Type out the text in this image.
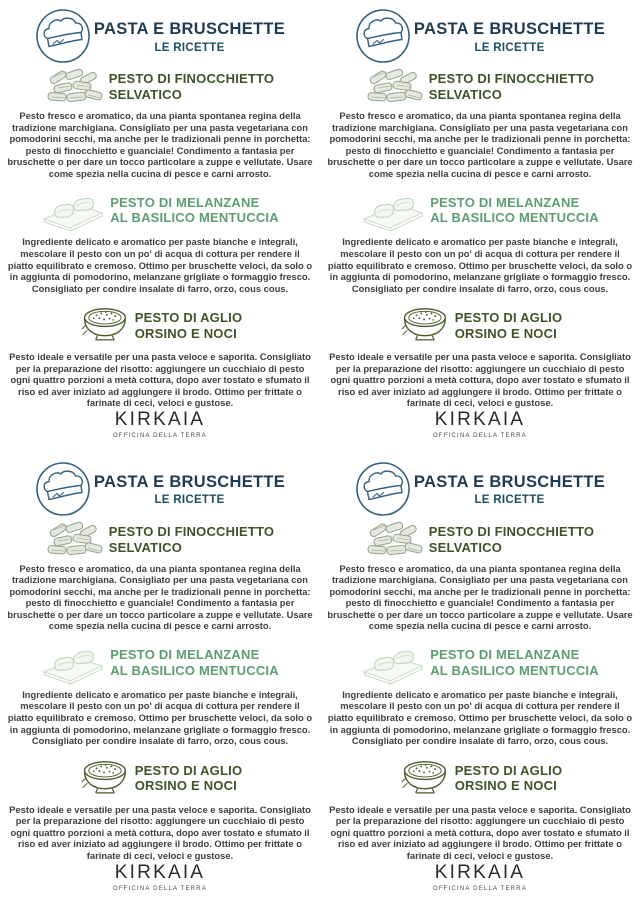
PASTA E BRUSCHETTE
LE RICETTE
PESTO DI FINOCCHIETTO
SELVATICO

Pesto fresco e aromatico, da una pianta spontanea regina della tradizione marchigiana. Consigliato per una pasta vegetariana con pomodorini secchi, ma anche per le tradizionali penne in porchetta: pesto di finocchietto e guanciale! Condimento a fantasia per bruschette o per dare un tocco particolare a zuppe e vellutate. Usare come spezia nella cucina di pesce e carni arrosto.

PESTO DI MELANZANE
AL BASILICO MENTUCCIA

Ingrediente delicato e aromatico per paste bianche e integrali, mescolare il pesto con un po' di acqua di cottura per rendere il piatto equilibrato e cremoso. Ottimo per bruschette veloci, da solo o in aggiunta di pomodorino, melanzane grigliate o formaggio fresco. Consigliato per condire insalate di farro, orzo, cous cous.

PESTO DI AGLIO
ORSINO E NOCI

Pesto ideale e versatile per una pasta veloce e saporita. Consigliato per la preparazione del risotto: aggiungere un cucchiaio di pesto ogni quattro porzioni a metà cottura, dopo aver tostato e sfumato il riso ed aver iniziato ad aggiungere il brodo. Ottimo per frittate o farinate di ceci, veloci e gustose.

KIRKAIA
OFFICINA DELLA TERRA
PASTA E BRUSCHETTE
LE RICETTE
PESTO DI FINOCCHIETTO
SELVATICO

Pesto fresco e aromatico, da una pianta spontanea regina della tradizione marchigiana. Consigliato per una pasta vegetariana con pomodorini secchi, ma anche per le tradizionali penne in porchetta: pesto di finocchietto e guanciale! Condimento a fantasia per bruschette o per dare un tocco particolare a zuppe e vellutate. Usare come spezia nella cucina di pesce e carni arrosto.

PESTO DI MELANZANE
AL BASILICO MENTUCCIA

Ingrediente delicato e aromatico per paste bianche e integrali, mescolare il pesto con un po' di acqua di cottura per rendere il piatto equilibrato e cremoso. Ottimo per bruschette veloci, da solo o in aggiunta di pomodorino, melanzane grigliate o formaggio fresco. Consigliato per condire insalate di farro, orzo, cous cous.

PESTO DI AGLIO
ORSINO E NOCI

Pesto ideale e versatile per una pasta veloce e saporita. Consigliato per la preparazione del risotto: aggiungere un cucchiaio di pesto ogni quattro porzioni a metà cottura, dopo aver tostato e sfumato il riso ed aver iniziato ad aggiungere il brodo. Ottimo per frittate o farinate di ceci, veloci e gustose.

KIRKAIA
OFFICINA DELLA TERRA
PASTA E BRUSCHETTE
LE RICETTE
PESTO DI FINOCCHIETTO
SELVATICO

Pesto fresco e aromatico, da una pianta spontanea regina della tradizione marchigiana. Consigliato per una pasta vegetariana con pomodorini secchi, ma anche per le tradizionali penne in porchetta: pesto di finocchietto e guanciale! Condimento a fantasia per bruschette o per dare un tocco particolare a zuppe e vellutate. Usare come spezia nella cucina di pesce e carni arrosto.

PESTO DI MELANZANE
AL BASILICO MENTUCCIA

Ingrediente delicato e aromatico per paste bianche e integrali, mescolare il pesto con un po' di acqua di cottura per rendere il piatto equilibrato e cremoso. Ottimo per bruschette veloci, da solo o in aggiunta di pomodorino, melanzane grigliate o formaggio fresco. Consigliato per condire insalate di farro, orzo, cous cous.

PESTO DI AGLIO
ORSINO E NOCI

Pesto ideale e versatile per una pasta veloce e saporita. Consigliato per la preparazione del risotto: aggiungere un cucchiaio di pesto ogni quattro porzioni a metà cottura, dopo aver tostato e sfumato il riso ed aver iniziato ad aggiungere il brodo. Ottimo per frittate o farinate di ceci, veloci e gustose.

KIRKAIA
OFFICINA DELLA TERRA
PASTA E BRUSCHETTE
LE RICETTE
PESTO DI FINOCCHIETTO
SELVATICO

Pesto fresco e aromatico, da una pianta spontanea regina della tradizione marchigiana. Consigliato per una pasta vegetariana con pomodorini secchi, ma anche per le tradizionali penne in porchetta: pesto di finocchietto e guanciale! Condimento a fantasia per bruschette o per dare un tocco particolare a zuppe e vellutate. Usare come spezia nella cucina di pesce e carni arrosto.

PESTO DI MELANZANE
AL BASILICO MENTUCCIA

Ingrediente delicato e aromatico per paste bianche e integrali, mescolare il pesto con un po' di acqua di cottura per rendere il piatto equilibrato e cremoso. Ottimo per bruschette veloci, da solo o in aggiunta di pomodorino, melanzane grigliate o formaggio fresco. Consigliato per condire insalate di farro, orzo, cous cous.

PESTO DI AGLIO
ORSINO E NOCI

Pesto ideale e versatile per una pasta veloce e saporita. Consigliato per la preparazione del risotto: aggiungere un cucchiaio di pesto ogni quattro porzioni a metà cottura, dopo aver tostato e sfumato il riso ed aver iniziato ad aggiungere il brodo. Ottimo per frittate o farinate di ceci, veloci e gustose.

KIRKAIA
OFFICINA DELLA TERRA
